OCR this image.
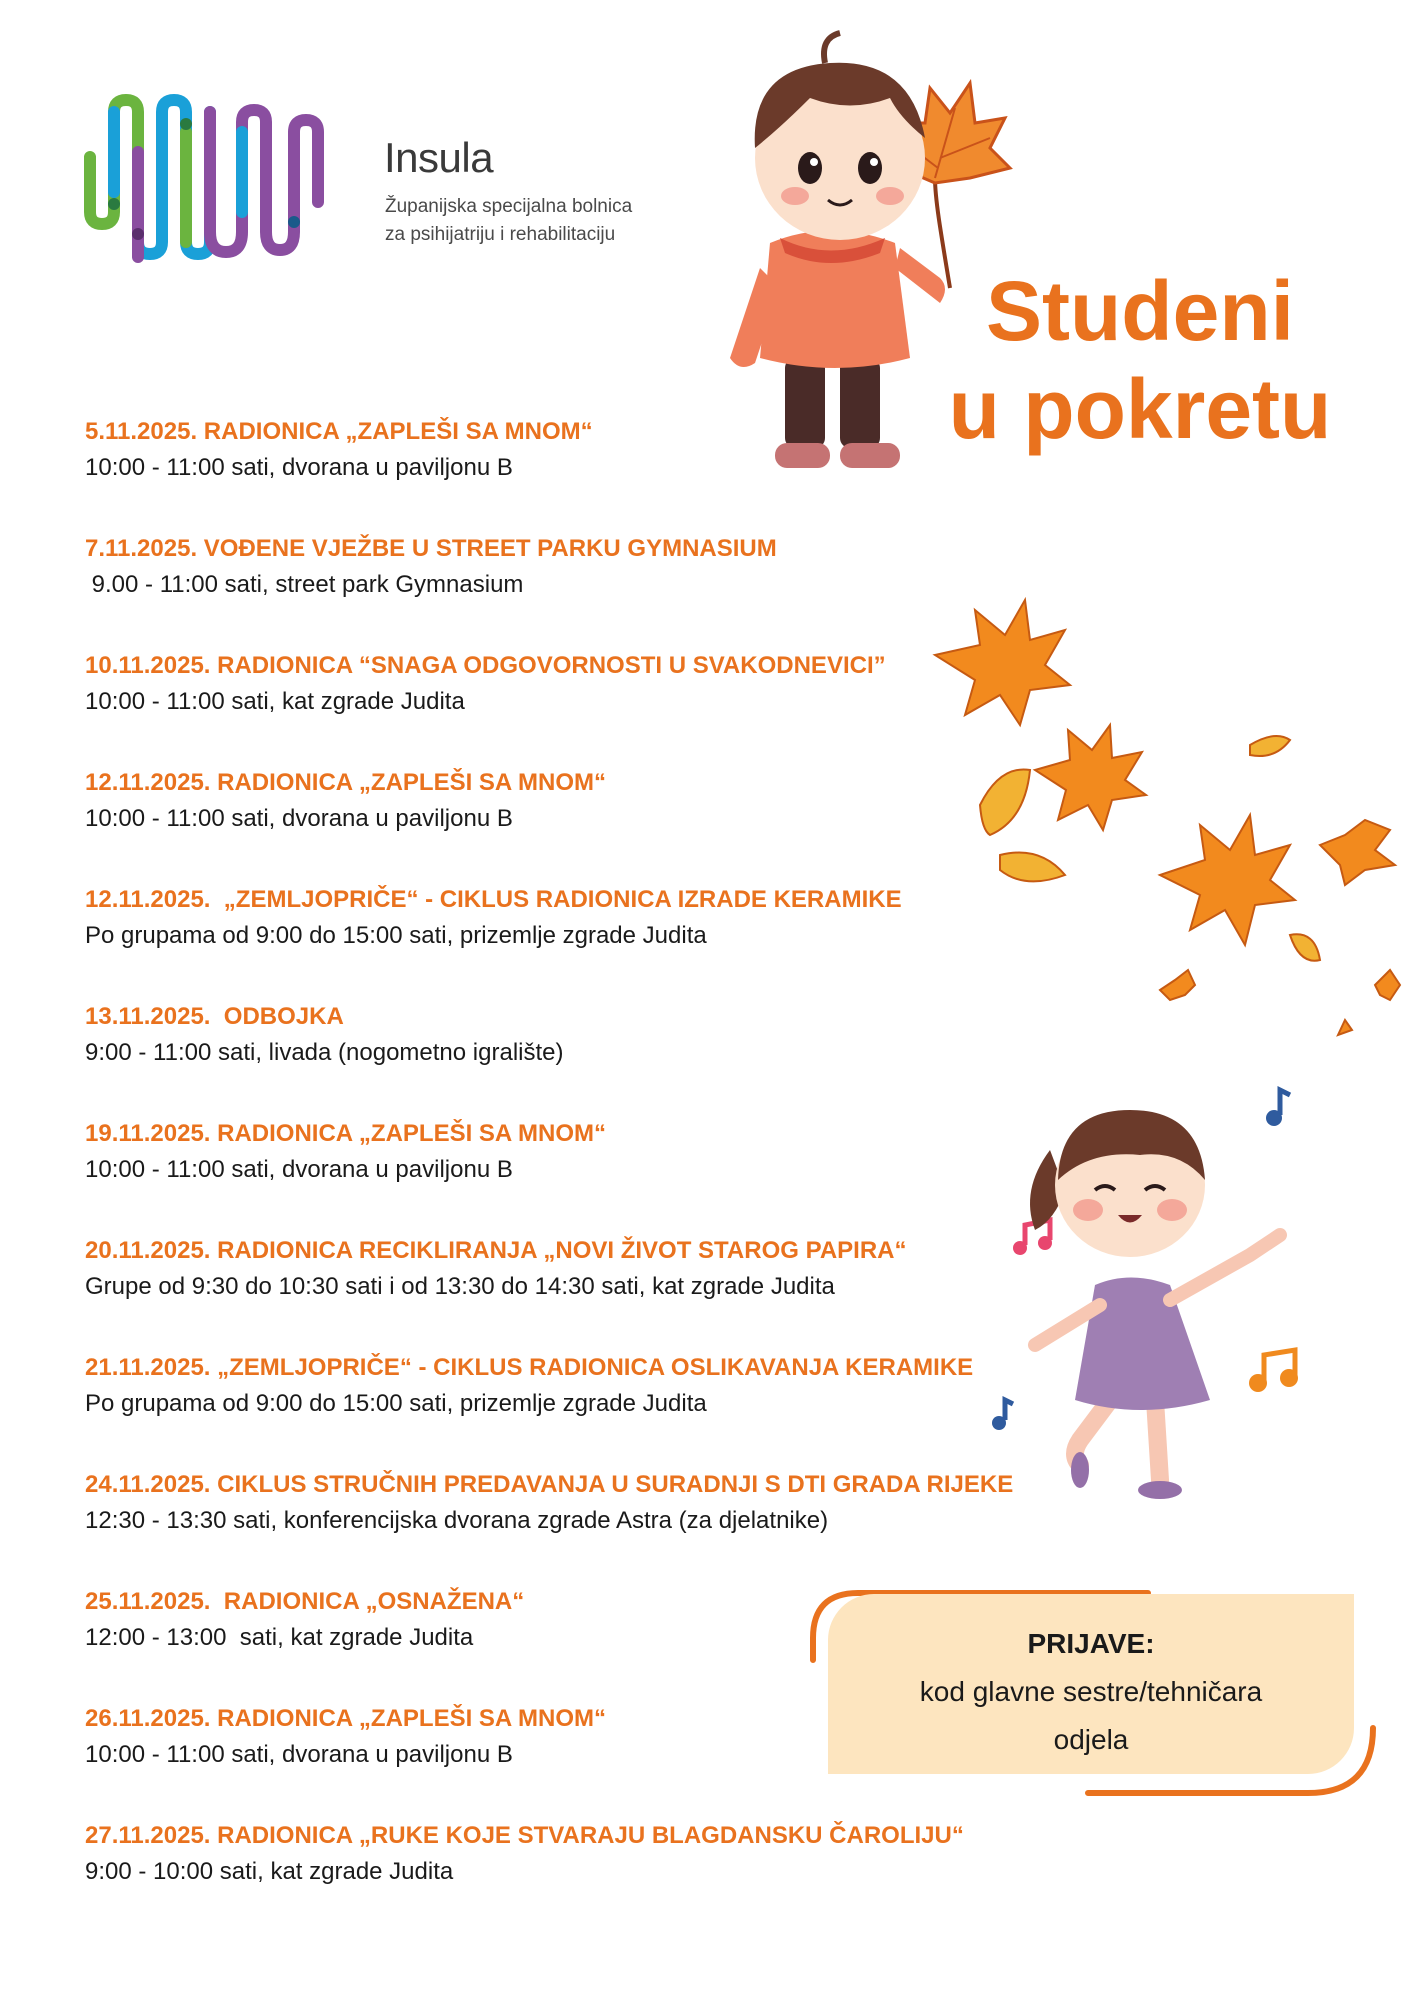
Insula
Županijska specijalna bolnica
za psihijatriju i rehabilitaciju
Studeni
u pokretu
5.11.2025. RADIONICA „ZAPLEŠI SA MNOM“
10:00 - 11:00 sati, dvorana u paviljonu B
7.11.2025. VOĐENE VJEŽBE U STREET PARKU GYMNASIUM
9.00 - 11:00 sati, street park Gymnasium
10.11.2025. RADIONICA “SNAGA ODGOVORNOSTI U SVAKODNEVICI”
10:00 - 11:00 sati, kat zgrade Judita
12.11.2025. RADIONICA „ZAPLEŠI SA MNOM“
10:00 - 11:00 sati, dvorana u paviljonu B
12.11.2025.  „ZEMLJOPRIČE“ - CIKLUS RADIONICA IZRADE KERAMIKE
Po grupama od 9:00 do 15:00 sati, prizemlje zgrade Judita
13.11.2025.  ODBOJKA
9:00 - 11:00 sati, livada (nogometno igralište)
19.11.2025. RADIONICA „ZAPLEŠI SA MNOM“
10:00 - 11:00 sati, dvorana u paviljonu B
20.11.2025. RADIONICA RECIKLIRANJA „NOVI ŽIVOT STAROG PAPIRA“
Grupe od 9:30 do 10:30 sati i od 13:30 do 14:30 sati, kat zgrade Judita
21.11.2025. „ZEMLJOPRIČE“ - CIKLUS RADIONICA OSLIKAVANJA KERAMIKE
Po grupama od 9:00 do 15:00 sati, prizemlje zgrade Judita
24.11.2025. CIKLUS STRUČNIH PREDAVANJA U SURADNJI S DTI GRADA RIJEKE
12:30 - 13:30 sati, konferencijska dvorana zgrade Astra (za djelatnike)
25.11.2025.  RADIONICA „OSNAŽENA“
12:00 - 13:00  sati, kat zgrade Judita
26.11.2025. RADIONICA „ZAPLEŠI SA MNOM“
10:00 - 11:00 sati, dvorana u paviljonu B
27.11.2025. RADIONICA „RUKE KOJE STVARAJU BLAGDANSKU ČAROLIJU“
9:00 - 10:00 sati, kat zgrade Judita
PRIJAVE:
kod glavne sestre/tehničara
odjela
